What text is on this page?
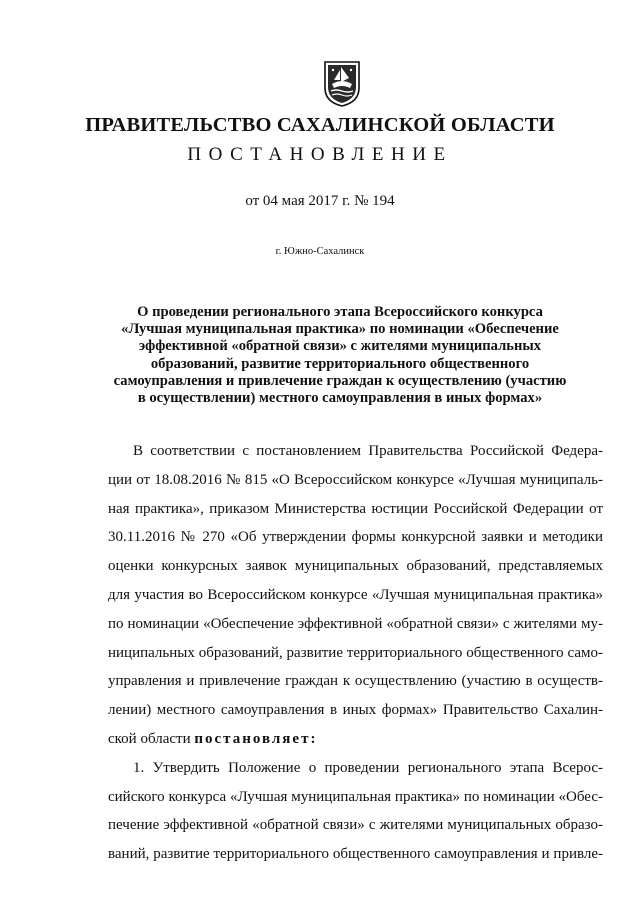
ПРАВИТЕЛЬСТВО САХАЛИНСКОЙ ОБЛАСТИ
ПОСТАНОВЛЕНИЕ
от 04 мая 2017 г. № 194
г. Южно-Сахалинск
О проведении регионального этапа Всероссийского конкурса
«Лучшая муниципальная практика» по номинации «Обеспечение
эффективной «обратной связи» с жителями муниципальных
образований, развитие территориального общественного
самоуправления и привлечение граждан к осуществлению (участию
в осуществлении) местного самоуправления в иных формах»
В соответствии с постановлением Правительства Российской Федера-
ции от 18.08.2016 № 815 «О Всероссийском конкурсе «Лучшая муниципаль-
ная практика», приказом Министерства юстиции Российской Федерации от
30.11.2016 № 270 «Об утверждении формы конкурсной заявки и методики
оценки конкурсных заявок муниципальных образований, представляемых
для участия во Всероссийском конкурсе «Лучшая муниципальная практика»
по номинации «Обеспечение эффективной «обратной связи» с жителями му-
ниципальных образований, развитие территориального общественного само-
управления и привлечение граждан к осуществлению (участию в осуществ-
лении) местного самоуправления в иных формах» Правительство Сахалин-
ской области постановляет:
1. Утвердить Положение о проведении регионального этапа Всерос-
сийского конкурса «Лучшая муниципальная практика» по номинации «Обес-
печение эффективной «обратной связи» с жителями муниципальных образо-
ваний, развитие территориального общественного самоуправления и привле-
